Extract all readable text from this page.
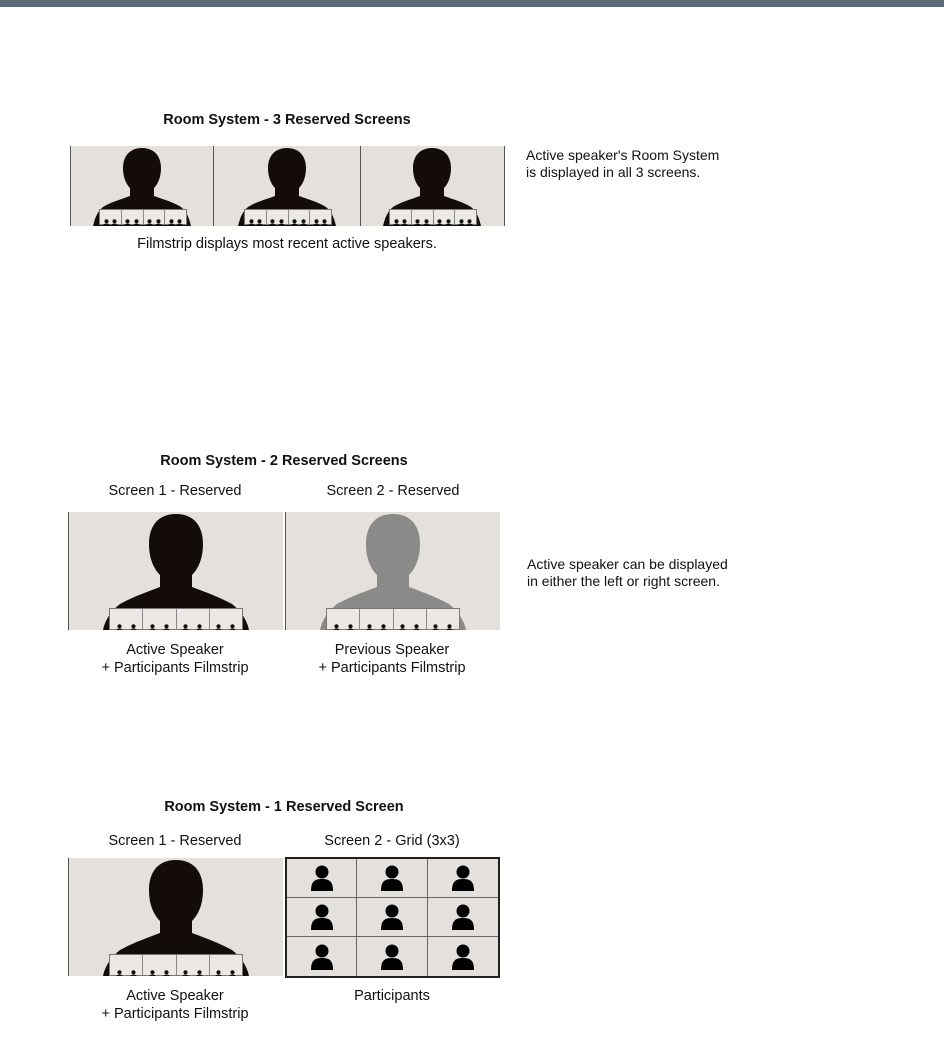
Room System - 3 Reserved Screens
Filmstrip displays most recent active speakers.
Active speaker's Room System
is displayed in all 3 screens.
Room System - 2 Reserved Screens
Screen 1 - Reserved	Screen 2 - Reserved
Active Speaker
+ Participants Filmstrip
Previous Speaker
+ Participants Filmstrip
Active speaker can be displayed
in either the left or right screen.
Room System - 1 Reserved Screen
Screen 1 - Reserved	Screen 2 - Grid (3x3)
Active Speaker
+ Participants Filmstrip
Participants
